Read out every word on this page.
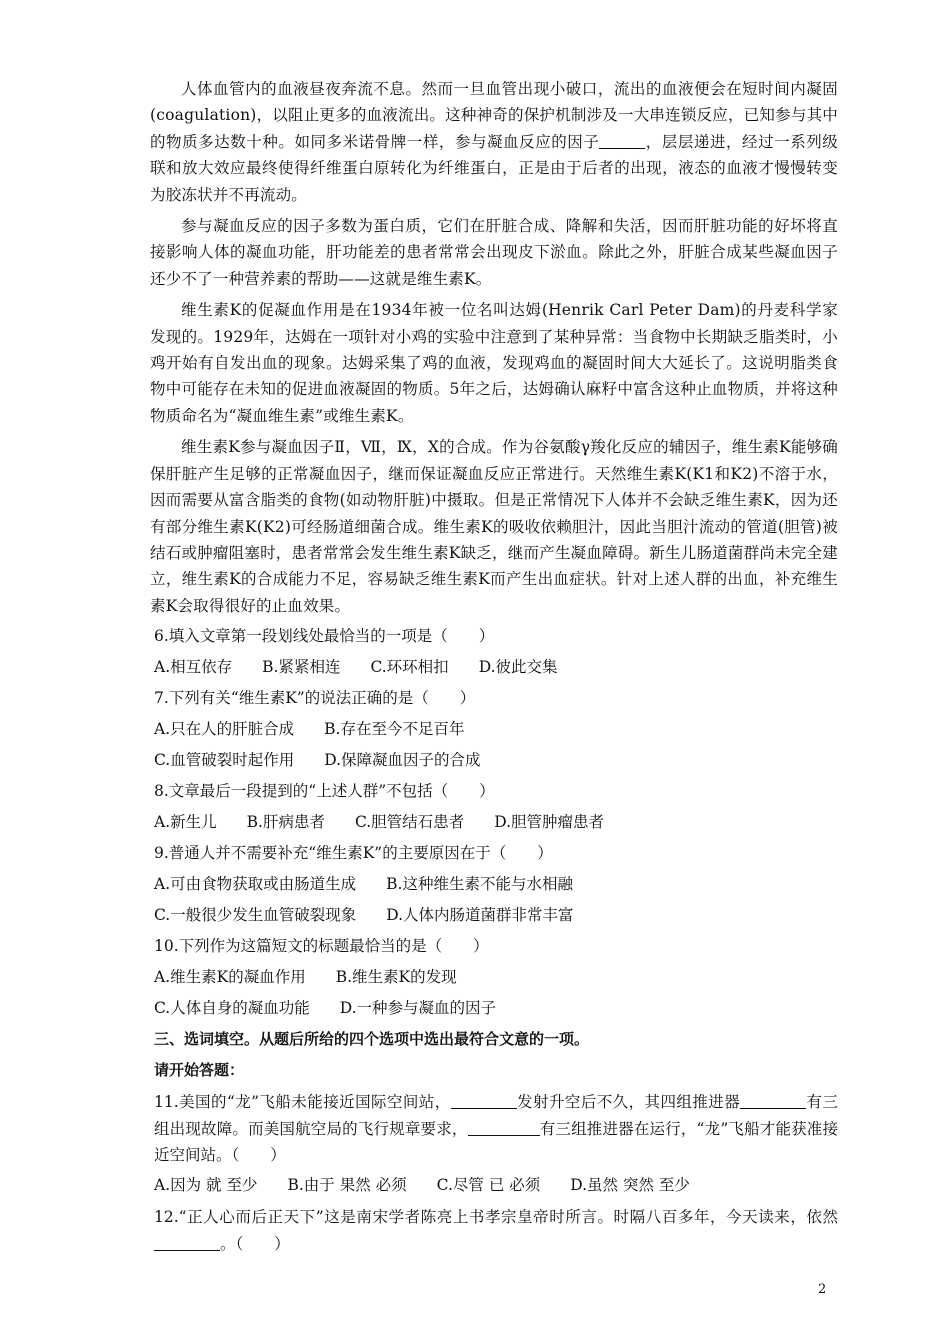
人体血管内的血液昼夜奔流不息。然而一旦血管出现小破口，流出的血液便会在短时间内凝固(coagulation)，以阻止更多的血液流出。这种神奇的保护机制涉及一大串连锁反应，已知参与其中的物质多达数十种。如同多米诺骨牌一样，参与凝血反应的因子	，层层递进，经过一系列级联和放大效应最终使得纤维蛋白原转化为纤维蛋白，正是由于后者的出现，液态的血液才慢慢转变为胶冻状并不再流动。

参与凝血反应的因子多数为蛋白质，它们在肝脏合成、降解和失活，因而肝脏功能的好坏将直接影响人体的凝血功能，肝功能差的患者常常会出现皮下淤血。除此之外，肝脏合成某些凝血因子还少不了一种营养素的帮助——这就是维生素K。

维生素K的促凝血作用是在1934年被一位名叫达姆(Henrik Carl Peter Dam)的丹麦科学家发现的。1929年，达姆在一项针对小鸡的实验中注意到了某种异常：当食物中长期缺乏脂类时，小鸡开始有自发出血的现象。达姆采集了鸡的血液，发现鸡血的凝固时间大大延长了。这说明脂类食物中可能存在未知的促进血液凝固的物质。5年之后，达姆确认麻籽中富含这种止血物质，并将这种物质命名为“凝血维生素”或维生素K。

维生素K参与凝血因子Ⅱ，Ⅶ，Ⅸ，Ⅹ的合成。作为谷氨酸γ羧化反应的辅因子，维生素K能够确保肝脏产生足够的正常凝血因子，继而保证凝血反应正常进行。天然维生素K(K1和K2)不溶于水，因而需要从富含脂类的食物(如动物肝脏)中摄取。但是正常情况下人体并不会缺乏维生素K，因为还有部分维生素K(K2)可经肠道细菌合成。维生素K的吸收依赖胆汁，因此当胆汁流动的管道(胆管)被结石或肿瘤阻塞时，患者常常会发生维生素K缺乏，继而产生凝血障碍。新生儿肠道菌群尚未完全建立，维生素K的合成能力不足，容易缺乏维生素K而产生出血症状。针对上述人群的出血，补充维生素K会取得很好的止血效果。

6.填入文章第一段划线处最恰当的一项是（　　）
A.相互依存 B.紧紧相连 C.环环相扣 D.彼此交集
7.下列有关“维生素K”的说法正确的是（　　）
A.只在人的肝脏合成 B.存在至今不足百年
C.血管破裂时起作用 D.保障凝血因子的合成
8.文章最后一段提到的“上述人群”不包括（　　）
A.新生儿 B.肝病患者 C.胆管结石患者 D.胆管肿瘤患者
9.普通人并不需要补充“维生素K”的主要原因在于（　　）
A.可由食物获取或由肠道生成 B.这种维生素不能与水相融
C.一般很少发生血管破裂现象 D.人体内肠道菌群非常丰富
10.下列作为这篇短文的标题最恰当的是（　　）
A.维生素K的凝血作用 B.维生素K的发现
C.人体自身的凝血功能 D.一种参与凝血的因子
三、选词填空。从题后所给的四个选项中选出最符合文意的一项。
请开始答题：

11.美国的“龙”飞船未能接近国际空间站，	发射升空后不久，其四组推进器	有三组出现故障。而美国航空局的飞行规章要求，	有三组推进器在运行，“龙”飞船才能获准接近空间站。（　　）

A.因为 就 至少 B.由于 果然 必须 C.尽管 已 必须 D.虽然 突然 至少

12.“正人心而后正天下”这是南宋学者陈亮上书孝宗皇帝时所言。时隔八百多年，今天读来，依然。（　　）

2
